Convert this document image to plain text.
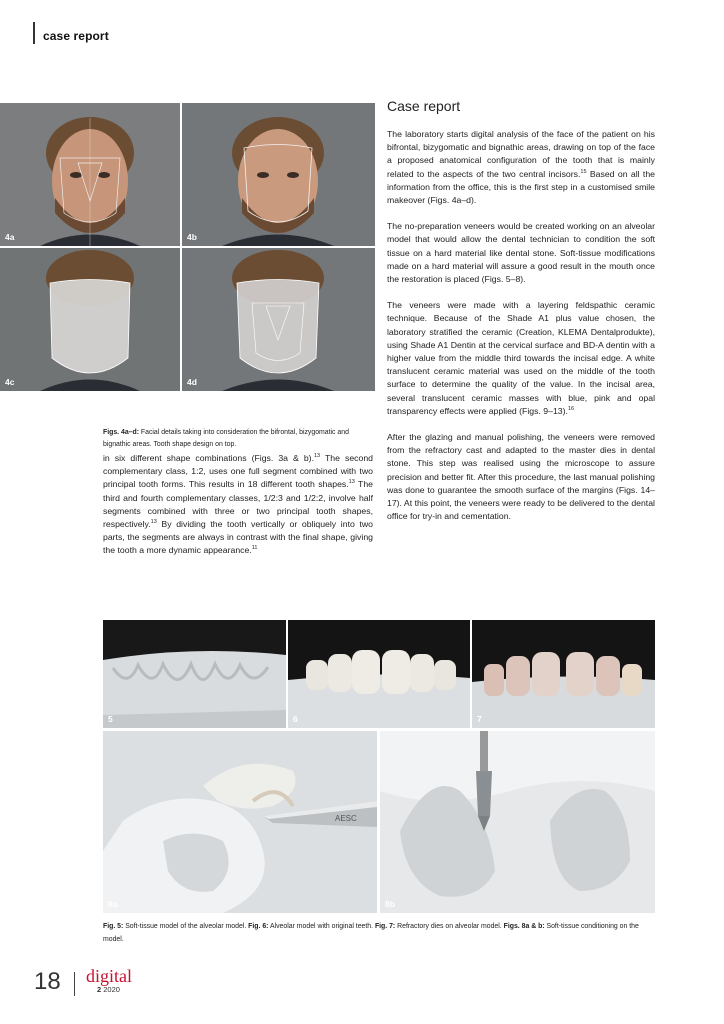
case report
4a	4b
4c	4d
Figs. 4a–d: Facial details taking into consideration the bifrontal, bizygomatic and bignathic areas. Tooth shape design on top.
in six different shape combinations (Figs. 3a & b).$^{13}$ The second complementary class, 1:2, uses one full segment combined with two principal tooth forms. This results in 18 different tooth shapes.$^{13}$ The third and fourth complementary classes, 1/2:3 and 1/2:2, involve half segments combined with three or two principal tooth shapes, respectively.$^{13}$ By dividing the tooth vertically or obliquely into two parts, the segments are always in contrast with the final shape, giving the tooth a more dynamic appearance.$^{11}$
Case report

The laboratory starts digital analysis of the face of the patient on his bifrontal, bizygomatic and bignathic areas, drawing on top of the face a proposed anatomical configuration of the tooth that is mainly related to the aspects of the two central incisors.$^{15}$ Based on all the information from the office, this is the first step in a customised smile makeover (Figs. 4a–d).

The no-preparation veneers would be created working on an alveolar model that would allow the dental technician to condition the soft tissue on a hard material like dental stone. Soft-tissue modifications made on a hard material will assure a good result in the mouth once the restoration is placed (Figs. 5–8).

The veneers were made with a layering feldspathic ceramic technique. Because of the Shade A1 plus value chosen, the laboratory stratified the ceramic (Creation, KLEMA Dentalprodukte), using Shade A1 Dentin at the cervical surface and BD-A dentin with a higher value from the middle third towards the incisal edge. A white translucent ceramic material was used on the middle of the tooth surface to determine the quality of the value. In the incisal area, several translucent ceramic masses with blue, pink and opal transparency effects were applied (Figs. 9–13).$^{16}$

After the glazing and manual polishing, the veneers were removed from the refractory cast and adapted to the master dies in dental stone. This step was realised using the microscope to assure precision and better fit. After this procedure, the last manual polishing was done to guarantee the smooth surface of the margins (Figs. 14–17). At this point, the veneers were ready to be delivered to the dental office for try-in and cementation.

5	6	7
AESC
8a	8b
Fig. 5: Soft-tissue model of the alveolar model. Fig. 6: Alveolar model with original teeth. Fig. 7: Refractory dies on alveolar model. Figs. 8a & b: Soft-tissue conditioning on the model.
18 digital
2 2020
